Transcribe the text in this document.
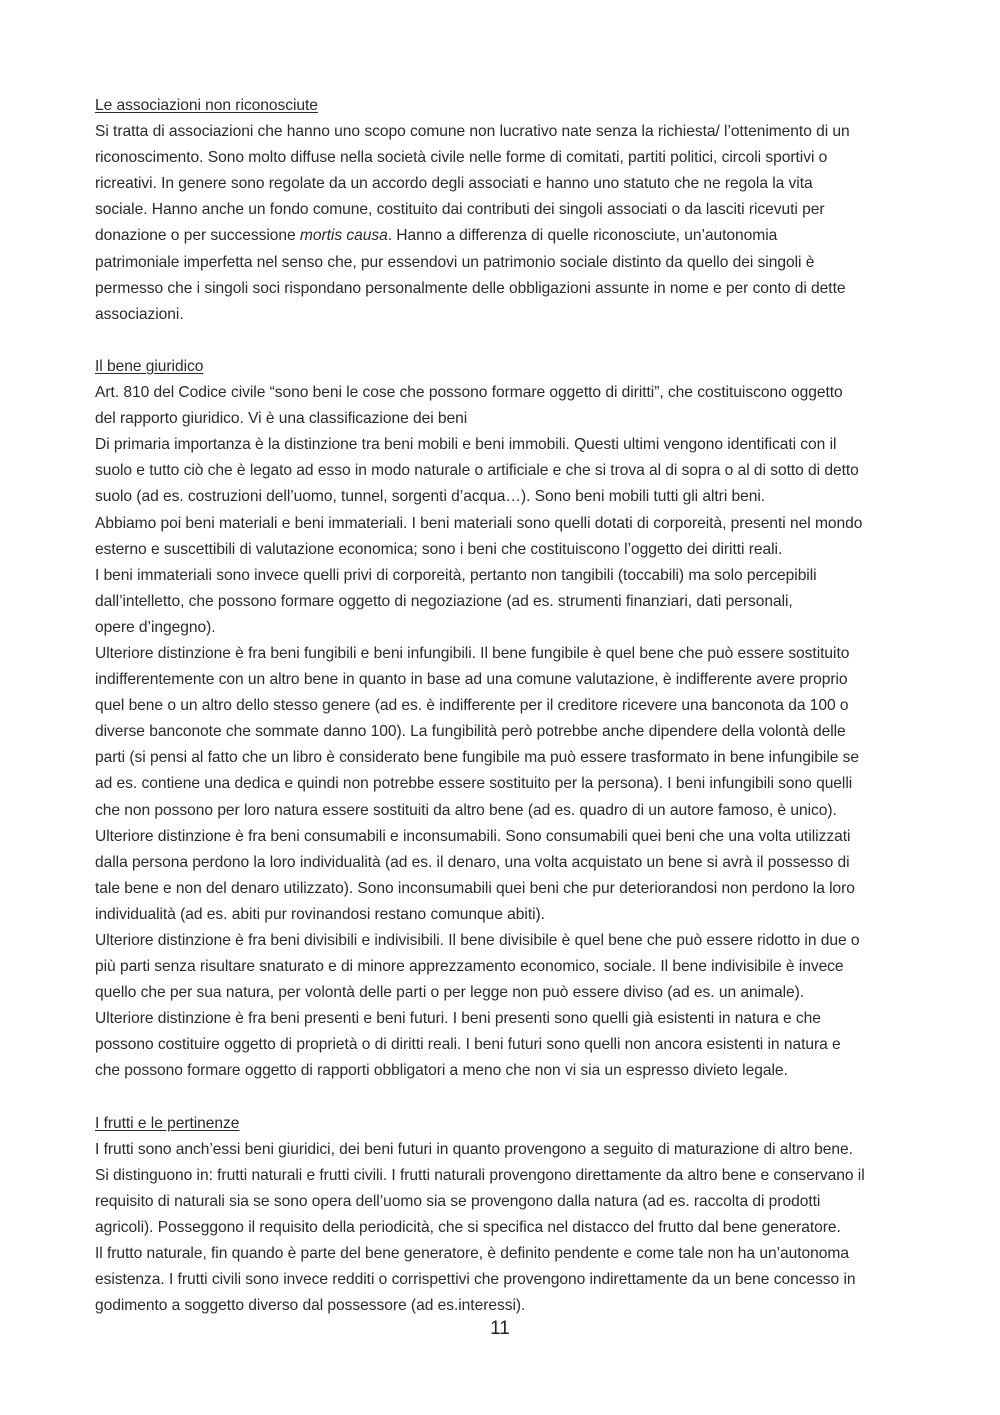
Le associazioni non riconosciute
Si tratta di associazioni che hanno uno scopo comune non lucrativo nate senza la richiesta/ l’ottenimento di un
riconoscimento. Sono molto diffuse nella società civile nelle forme di comitati, partiti politici, circoli sportivi o
ricreativi. In genere sono regolate da un accordo degli associati e hanno uno statuto che ne regola la vita
sociale. Hanno anche un fondo comune, costituito dai contributi dei singoli associati o da lasciti ricevuti per
donazione o per successione mortis causa. Hanno a differenza di quelle riconosciute, un’autonomia
patrimoniale imperfetta nel senso che, pur essendovi un patrimonio sociale distinto da quello dei singoli è
permesso che i singoli soci rispondano personalmente delle obbligazioni assunte in nome e per conto di dette
associazioni.
Il bene giuridico
Art. 810 del Codice civile “sono beni le cose che possono formare oggetto di diritti”, che costituiscono oggetto
del rapporto giuridico. Vi è una classificazione dei beni
Di primaria importanza è la distinzione tra beni mobili e beni immobili. Questi ultimi vengono identificati con il
suolo e tutto ciò che è legato ad esso in modo naturale o artificiale e che si trova al di sopra o al di sotto di detto
suolo (ad es. costruzioni dell’uomo, tunnel, sorgenti d’acqua…). Sono beni mobili tutti gli altri beni.
Abbiamo poi beni materiali e beni immateriali. I beni materiali sono quelli dotati di corporeità, presenti nel mondo
esterno e suscettibili di valutazione economica; sono i beni che costituiscono l’oggetto dei diritti reali.
I beni immateriali sono invece quelli privi di corporeità, pertanto non tangibili (toccabili) ma solo percepibili
dall’intelletto, che possono formare oggetto di negoziazione (ad es. strumenti finanziari, dati personali,
opere d’ingegno).
Ulteriore distinzione è fra beni fungibili e beni infungibili. Il bene fungibile è quel bene che può essere sostituito
indifferentemente con un altro bene in quanto in base ad una comune valutazione, è indifferente avere proprio
quel bene o un altro dello stesso genere (ad es. è indifferente per il creditore ricevere una banconota da 100 o
diverse banconote che sommate danno 100). La fungibilità però potrebbe anche dipendere della volontà delle
parti (si pensi al fatto che un libro è considerato bene fungibile ma può essere trasformato in bene infungibile se
ad es. contiene una dedica e quindi non potrebbe essere sostituito per la persona). I beni infungibili sono quelli
che non possono per loro natura essere sostituiti da altro bene (ad es. quadro di un autore famoso, è unico).
Ulteriore distinzione è fra beni consumabili e inconsumabili. Sono consumabili quei beni che una volta utilizzati
dalla persona perdono la loro individualità (ad es. il denaro, una volta acquistato un bene si avrà il possesso di
tale bene e non del denaro utilizzato). Sono inconsumabili quei beni che pur deteriorandosi non perdono la loro
individualità (ad es. abiti pur rovinandosi restano comunque abiti).
Ulteriore distinzione è fra beni divisibili e indivisibili. Il bene divisibile è quel bene che può essere ridotto in due o
più parti senza risultare snaturato e di minore apprezzamento economico, sociale. Il bene indivisibile è invece
quello che per sua natura, per volontà delle parti o per legge non può essere diviso (ad es. un animale).
Ulteriore distinzione è fra beni presenti e beni futuri. I beni presenti sono quelli già esistenti in natura e che
possono costituire oggetto di proprietà o di diritti reali. I beni futuri sono quelli non ancora esistenti in natura e
che possono formare oggetto di rapporti obbligatori a meno che non vi sia un espresso divieto legale.
I frutti e le pertinenze
I frutti sono anch’essi beni giuridici, dei beni futuri in quanto provengono a seguito di maturazione di altro bene.
Si distinguono in: frutti naturali e frutti civili. I frutti naturali provengono direttamente da altro bene e conservano il
requisito di naturali sia se sono opera dell’uomo sia se provengono dalla natura (ad es. raccolta di prodotti
agricoli). Posseggono il requisito della periodicità, che si specifica nel distacco del frutto dal bene generatore.
Il frutto naturale, fin quando è parte del bene generatore, è definito pendente e come tale non ha un’autonoma
esistenza. I frutti civili sono invece redditi o corrispettivi che provengono indirettamente da un bene concesso in
godimento a soggetto diverso dal possessore (ad es.interessi).
11
